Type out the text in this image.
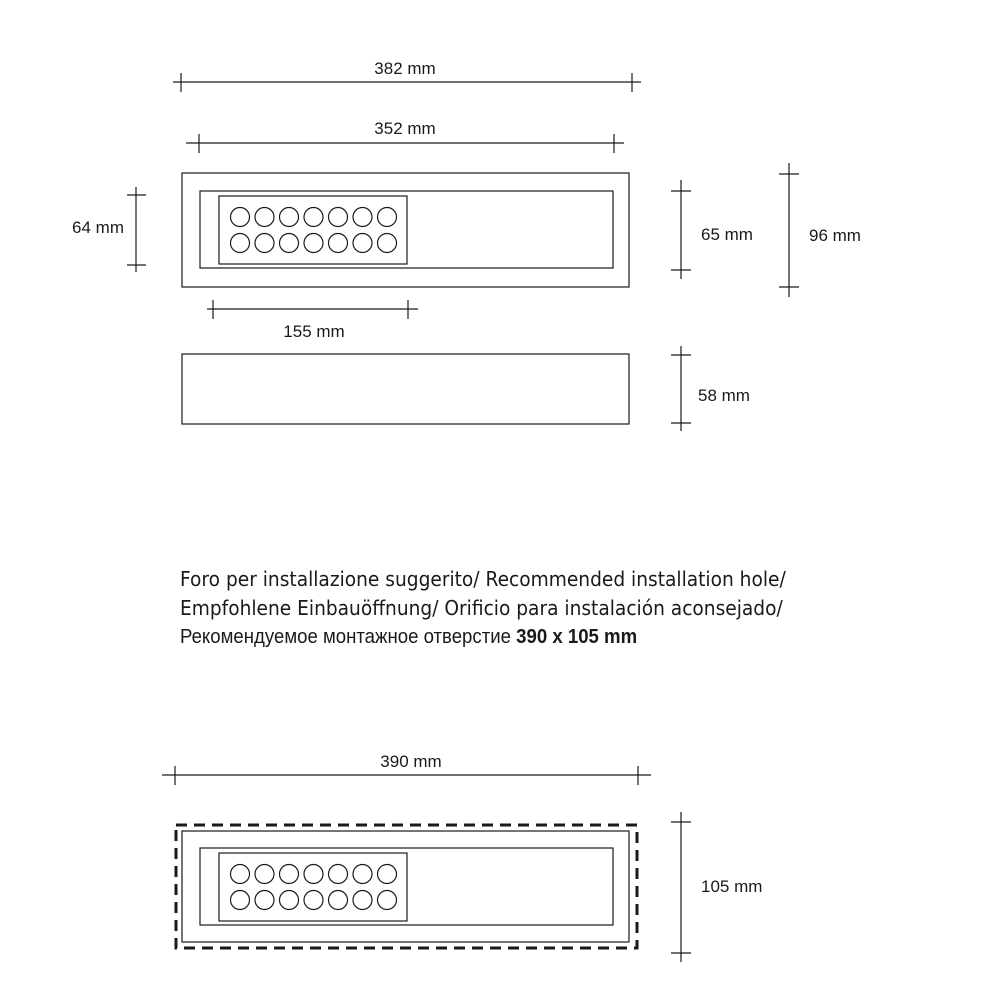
382 mm
352 mm
64 mm	65 mm	96 mm
155 mm
58 mm
390 mm
105 mm
Foro per installazione suggerito/ Recommended installation hole/
Empfohlene Einbauöffnung/ Orificio para instalación aconsejado/
Рекомендуемое монтажное отверстие 390 x 105 mm
